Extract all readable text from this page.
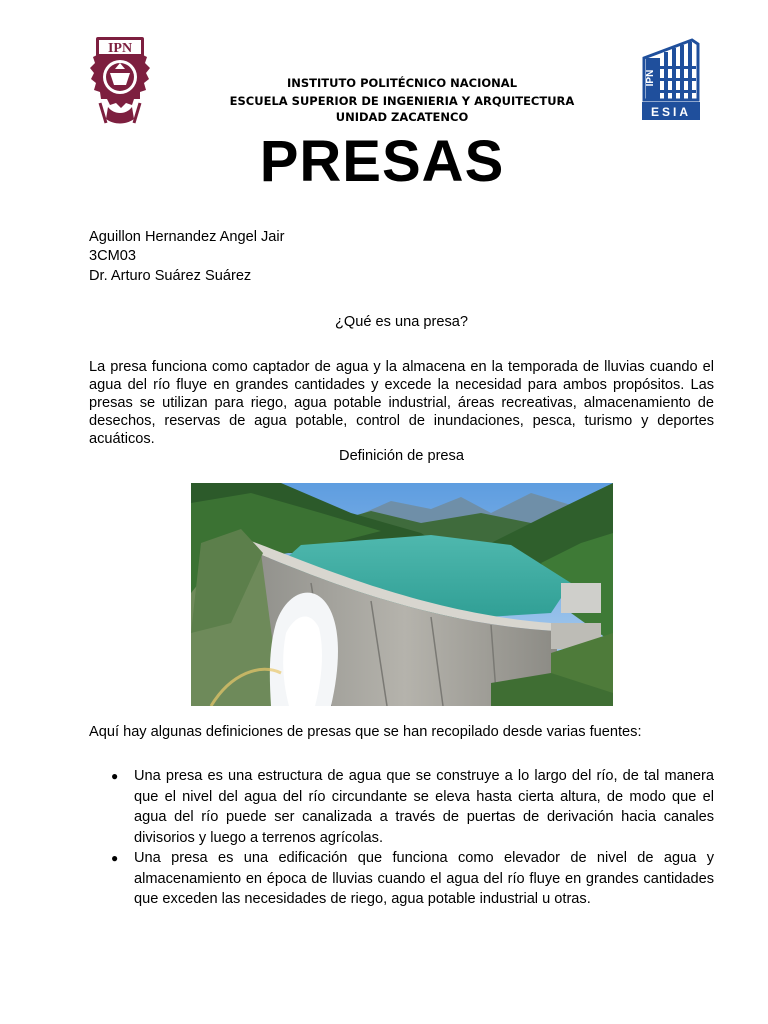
IPN
ESIA
IPN
INSTITUTO POLITÉCNICO NACIONAL
ESCUELA SUPERIOR DE INGENIERIA Y ARQUITECTURA
UNIDAD ZACATENCO
PRESAS
Aguillon Hernandez Angel Jair
3CM03
Dr. Arturo Suárez Suárez
¿Qué es una presa?
La presa funciona como captador de agua y la almacena en la temporada de lluvias cuando el agua del río fluye en grandes cantidades y excede la necesidad para ambos propósitos. Las presas se utilizan para riego, agua potable industrial, áreas recreativas, almacenamiento de desechos, reservas de agua potable, control de inundaciones, pesca, turismo y deportes acuáticos.
Definición de presa
Aquí hay algunas definiciones de presas que se han recopilado desde varias fuentes:
● Una presa es una estructura de agua que se construye a lo largo del río, de tal manera que el nivel del agua del río circundante se eleva hasta cierta altura, de modo que el agua del río puede ser canalizada a través de puertas de derivación hacia canales divisorios y luego a terrenos agrícolas.
● Una presa es una edificación que funciona como elevador de nivel de agua y almacenamiento en época de lluvias cuando el agua del río fluye en grandes cantidades que exceden las necesidades de riego, agua potable industrial u otras.
